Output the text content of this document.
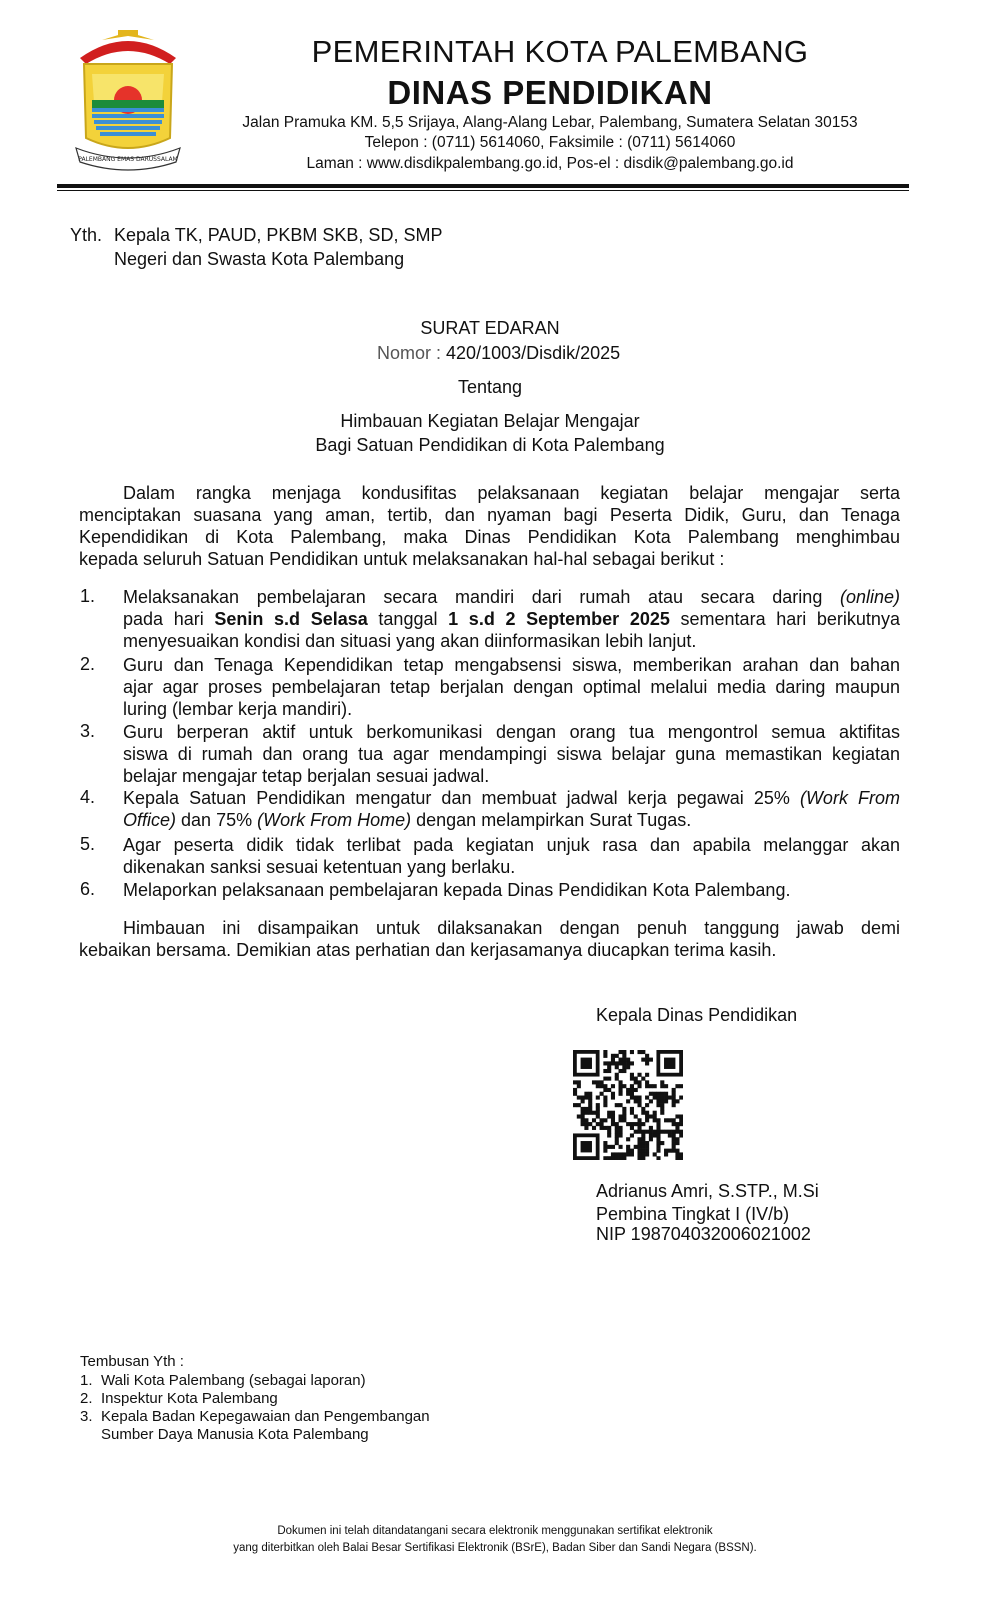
PALEMBANG EMAS DARUSSALAM
PEMERINTAH KOTA PALEMBANG
DINAS PENDIDIKAN
Jalan Pramuka KM. 5,5 Srijaya, Alang-Alang Lebar, Palembang, Sumatera Selatan 30153
Telepon : (0711) 5614060, Faksimile : (0711) 5614060
Laman : www.disdikpalembang.go.id, Pos-el : disdik@palembang.go.id
Yth. Kepala TK, PAUD, PKBM SKB, SD, SMP
Negeri dan Swasta Kota Palembang
SURAT EDARAN
Nomor : 420/1003/Disdik/2025
Tentang
Himbauan Kegiatan Belajar Mengajar
Bagi Satuan Pendidikan di Kota Palembang
Dalam rangka menjaga kondusifitas pelaksanaan kegiatan belajar mengajar serta
menciptakan suasana yang aman, tertib, dan nyaman bagi Peserta Didik, Guru, dan Tenaga
Kependidikan di Kota Palembang, maka Dinas Pendidikan Kota Palembang menghimbau
kepada seluruh Satuan Pendidikan untuk melaksanakan hal-hal sebagai berikut :
1. Melaksanakan pembelajaran secara mandiri dari rumah atau secara daring (online)
pada hari Senin s.d Selasa tanggal 1 s.d 2 September 2025 sementara hari berikutnya
menyesuaikan kondisi dan situasi yang akan diinformasikan lebih lanjut.
2. Guru dan Tenaga Kependidikan tetap mengabsensi siswa, memberikan arahan dan bahan
ajar agar proses pembelajaran tetap berjalan dengan optimal melalui media daring maupun
luring (lembar kerja mandiri).
3. Guru berperan aktif untuk berkomunikasi dengan orang tua mengontrol semua aktifitas
siswa di rumah dan orang tua agar mendampingi siswa belajar guna memastikan kegiatan
belajar mengajar tetap berjalan sesuai jadwal.
4. Kepala Satuan Pendidikan mengatur dan membuat jadwal kerja pegawai 25% (Work From
Office) dan 75% (Work From Home) dengan melampirkan Surat Tugas.
5. Agar peserta didik tidak terlibat pada kegiatan unjuk rasa dan apabila melanggar akan
dikenakan sanksi sesuai ketentuan yang berlaku.
6. Melaporkan pelaksanaan pembelajaran kepada Dinas Pendidikan Kota Palembang.
Himbauan ini disampaikan untuk dilaksanakan dengan penuh tanggung jawab demi
kebaikan bersama. Demikian atas perhatian dan kerjasamanya diucapkan terima kasih.
Kepala Dinas Pendidikan
Adrianus Amri, S.STP., M.Si
Pembina Tingkat I (IV/b)
NIP 198704032006021002
Tembusan Yth :
1. Wali Kota Palembang (sebagai laporan)
2. Inspektur Kota Palembang
3. Kepala Badan Kepegawaian dan Pengembangan
Sumber Daya Manusia Kota Palembang
Dokumen ini telah ditandatangani secara elektronik menggunakan sertifikat elektronik
yang diterbitkan oleh Balai Besar Sertifikasi Elektronik (BSrE), Badan Siber dan Sandi Negara (BSSN).
